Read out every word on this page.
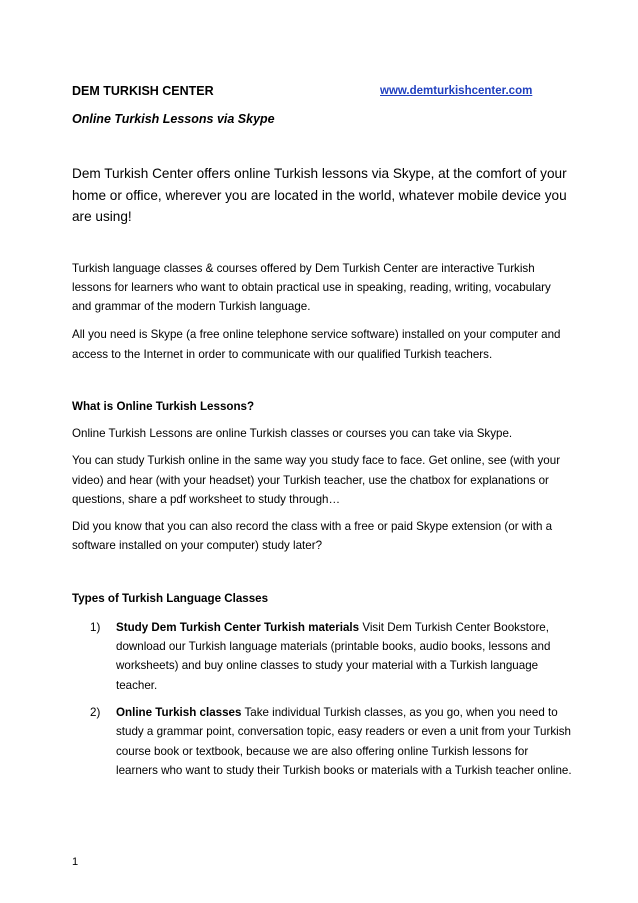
DEM TURKISH CENTER	www.demturkishcenter.com
Online Turkish Lessons via Skype
Dem Turkish Center offers online Turkish lessons via Skype, at the comfort of your home or office, wherever you are located in the world, whatever mobile device you are using!

Turkish language classes & courses offered by Dem Turkish Center are interactive Turkish lessons for learners who want to obtain practical use in speaking, reading, writing, vocabulary and grammar of the modern Turkish language.

All you need is Skype (a free online telephone service software) installed on your computer and access to the Internet in order to communicate with our qualified Turkish teachers.

What is Online Turkish Lessons?

Online Turkish Lessons are online Turkish classes or courses you can take via Skype.

You can study Turkish online in the same way you study face to face. Get online, see (with your video) and hear (with your headset) your Turkish teacher, use the chatbox for explanations or questions, share a pdf worksheet to study through…

Did you know that you can also record the class with a free or paid Skype extension (or with a software installed on your computer) study later?

Types of Turkish Language Classes
1) Study Dem Turkish Center Turkish materials Visit Dem Turkish Center Bookstore, download our Turkish language materials (printable books, audio books, lessons and worksheets) and buy online classes to study your material with a Turkish language teacher.
2) Online Turkish classes Take individual Turkish classes, as you go, when you need to study a grammar point, conversation topic, easy readers or even a unit from your Turkish course book or textbook, because we are also offering online Turkish lessons for learners who want to study their Turkish books or materials with a Turkish teacher online.
1
